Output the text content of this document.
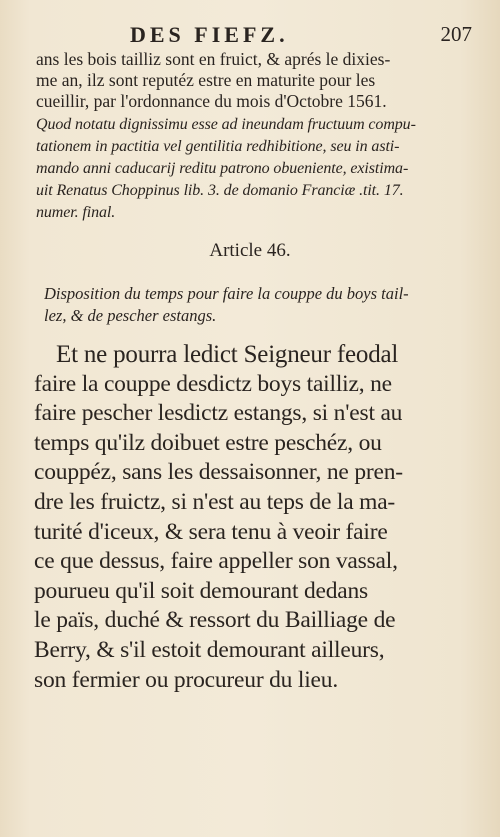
DES FIEFZ.	207
ans les bois tailliz sont en fruict, & aprés le dixies-
me an, ilz sont reputéz estre en maturite pour les
cueillir, par l'ordonnance du mois d'Octobre 1561.
Quod notatu dignissimu esse ad ineundam fructuum compu-
tationem in pactitia vel gentilitia redhibitione, seu in asti-
mando anni caducarij reditu patrono obueniente, existima-
uit Renatus Choppinus lib. 3. de domanio Franciæ .tit. 17.
numer. final.
Article 46.
Disposition du temps pour faire la couppe du boys tail-
lez, & de pescher estangs.
Et ne pourra ledict Seigneur feodal
faire la couppe desdictz boys tailliz, ne
faire pescher lesdictz estangs, si n'est au
temps qu'ilz doibuet estre peschéz, ou
couppéz, sans les dessaisonner, ne pren-
dre les fruictz, si n'est au teps de la ma-
turité d'iceux, & sera tenu à veoir faire
ce que dessus, faire appeller son vassal,
pourueu qu'il soit demourant dedans
le païs, duché & ressort du Bailliage de
Berry, & s'il estoit demourant ailleurs,
son fermier ou procureur du lieu.
